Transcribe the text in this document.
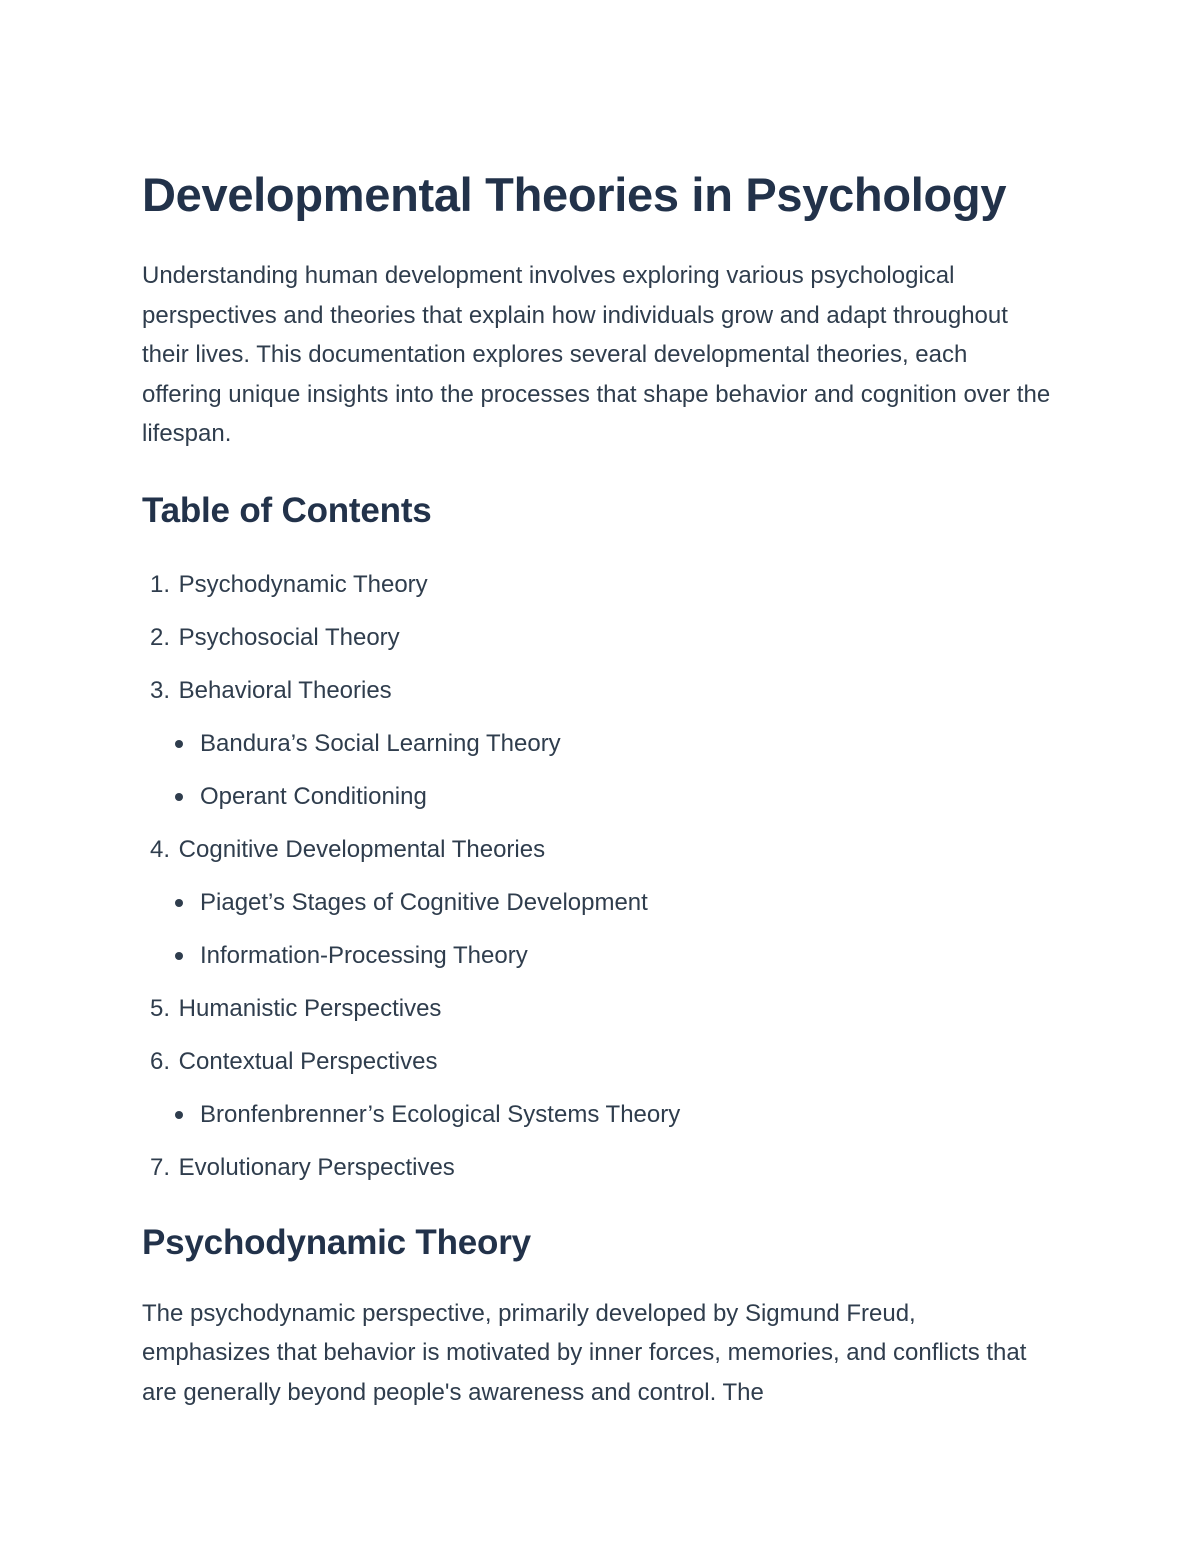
Developmental Theories in Psychology

Understanding human development involves exploring various psychological perspectives and theories that explain how individuals grow and adapt throughout their lives. This documentation explores several developmental theories, each offering unique insights into the processes that shape behavior and cognition over the lifespan.

Table of Contents
1. Psychodynamic Theory
2. Psychosocial Theory
3. Behavioral Theories
Bandura’s Social Learning Theory
Operant Conditioning
4. Cognitive Developmental Theories
Piaget’s Stages of Cognitive Development
Information-Processing Theory
5. Humanistic Perspectives
6. Contextual Perspectives
Bronfenbrenner’s Ecological Systems Theory
7. Evolutionary Perspectives
Psychodynamic Theory

The psychodynamic perspective, primarily developed by Sigmund Freud, emphasizes that behavior is motivated by inner forces, memories, and conflicts that are generally beyond people's awareness and control. The
